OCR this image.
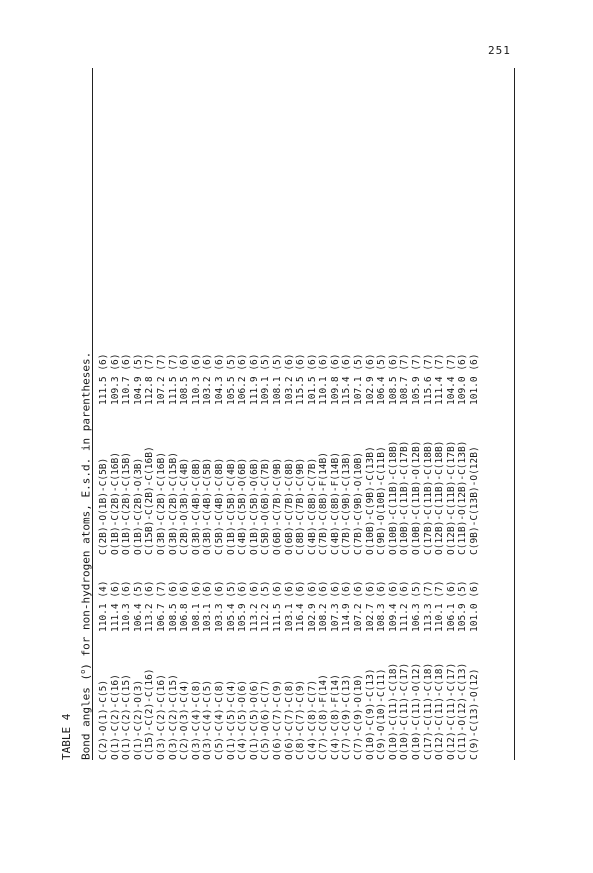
251
TABLE 4 Bond angles ($^o$) for non-hydrogen atoms, E.s.d. in parentheses.
C(2)-O(1)-C(5) O(1)-C(2)-C(16) O(1)-C(2)-C(15) O(1)-C(2)-O(3) C(15)-C(2)-C(16) O(3)-C(2)-C(16) O(3)-C(2)-C(15) C(2)-O(3)-C(4) O(3)-C(4)-C(8) O(3)-C(4)-C(5) C(5)-C(4)-C(8) O(1)-C(5)-C(4) C(4)-C(5)-O(6) O(1)-C(5)-O(6) C(5)-O(6)-C(7) O(6)-C(7)-C(9) O(6)-C(7)-C(8) C(8)-C(7)-C(9) C(4)-C(8)-C(7) C(7)-C(8)-F(14) C(4)-C(8)-F(14) C(7)-C(9)-C(13) C(7)-C(9)-O(10) O(10)-C(9)-C(13) C(9)-O(10)-C(11) O(10)-C(11)-C(18) O(10)-C(11)-C(17) O(10)-C(11)-O(12) C(17)-C(11)-C(18) O(12)-C(11)-C(18) O(12)-C(11)-C(17) C(11)-O(12)-C(13) C(9)-C(13)-O(12)
110.1 (4) 111.4 (6) 110.3 (6) 106.4 (5) 113.2 (6) 106.7 (7) 108.5 (6) 106.8 (6) 108.1 (6) 103.1 (6) 103.3 (6) 105.4 (5) 105.9 (6) 113.2 (6) 112.2 (5) 111.5 (6) 103.1 (6) 116.4 (6) 102.9 (6) 108.2 (6) 107.3 (6) 114.9 (6) 107.2 (6) 102.7 (6) 108.3 (6) 109.4 (6) 111.2 (6) 106.3 (5) 113.3 (7) 110.1 (7) 106.1 (6) 105.9 (5) 101.0 (6)
C(2B)-O(1B)-C(5B) O(1B)-C(2B)-C(16B) O(1B)-C(2B)-C(15B) O(1B)-C(2B)-O(3B) C(15B)-C(2B)-C(16B) O(3B)-C(2B)-C(16B) O(3B)-C(2B)-C(15B) C(2B)-O(3B)-C(4B) O(3B)-C(4B)-C(8B) O(3B)-C(4B)-C(5B) C(5B)-C(4B)-C(8B) O(1B)-C(5B)-C(4B) C(4B)-C(5B)-O(6B) O(1B)-C(5B)-O(6B) C(5B)-O(6B)-C(7B) O(6B)-C(7B)-C(9B) O(6B)-C(7B)-C(8B) C(8B)-C(7B)-C(9B) C(4B)-C(8B)-C(7B) C(7B)-C(8B)-F(14B) C(4B)-C(8B)-F(14B) C(7B)-C(9B)-C(13B) C(7B)-C(9B)-O(10B) O(10B)-C(9B)-C(13B) C(9B)-O(10B)-C(11B) O(10B)-C(11B)-C(18B) O(10B)-C(11B)-C(17B) O(10B)-C(11B)-O(12B) C(17B)-C(11B)-C(18B) O(12B)-C(11B)-C(18B) O(12B)-C(11B)-C(17B) C(11B)-O(12B)-C(13B) C(9B)-C(13B)-O(12B)
111.5 (6) 109.3 (6) 110.7 (6) 104.9 (5) 112.8 (7) 107.2 (7) 111.5 (7) 108.5 (6) 110.3 (6) 103.2 (6) 104.3 (6) 105.5 (5) 106.2 (6) 111.9 (6) 109.1 (5) 108.1 (5) 103.2 (6) 115.5 (6) 101.5 (6) 110.1 (6) 109.8 (6) 115.4 (6) 107.1 (5) 102.9 (6) 106.4 (5) 108.5 (6) 108.7 (7) 105.9 (7) 115.6 (7) 111.4 (7) 104.4 (7) 109.0 (6) 101.0 (6)
